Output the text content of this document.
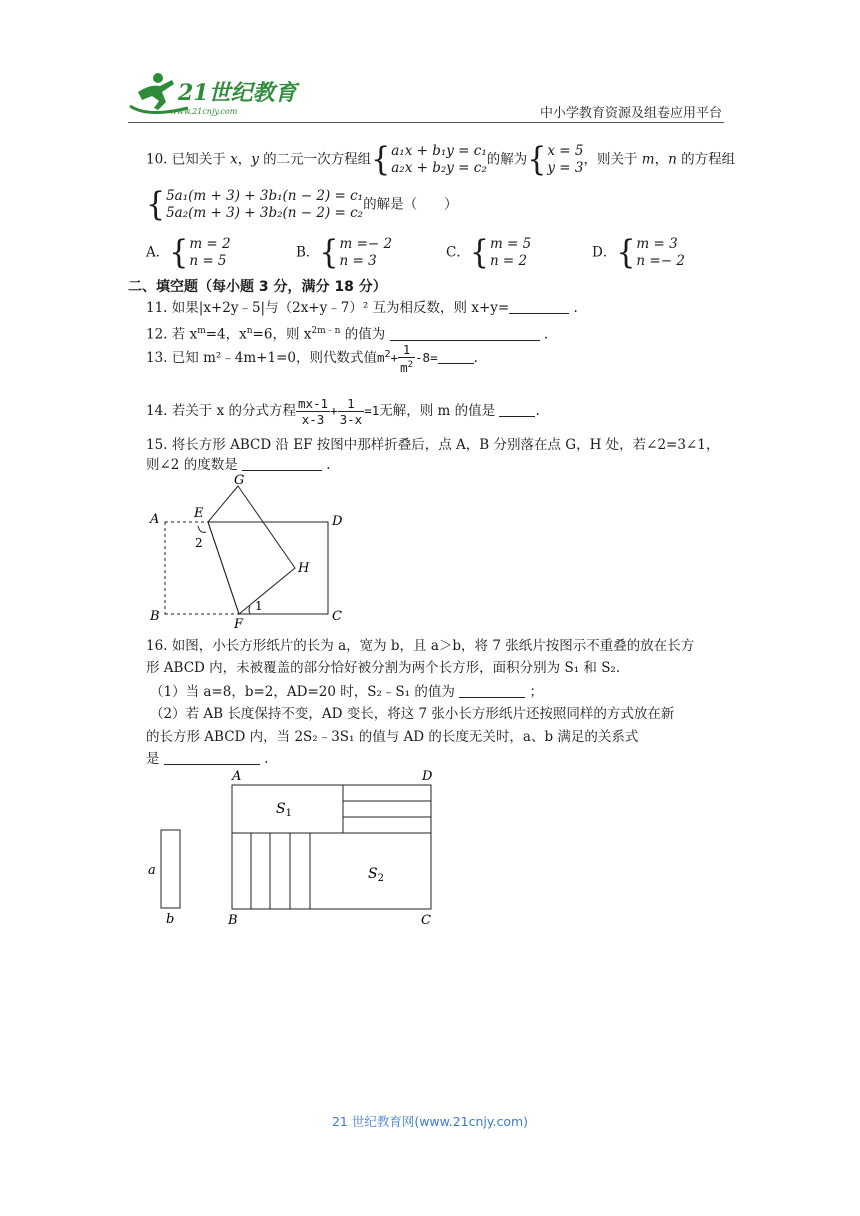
21世纪教育
www.21cnjy.com	中小学教育资源及组卷应用平台
10. 已知关于 x，y 的二元一次方程组{a₁x + b₁y = c₁
a₂x + b₂y = c₂的解为{x = 5
y = 3，则关于 m，n 的方程组
{5a₁(m + 3) + 3b₁(n − 2) = c₁
5a₂(m + 3) + 3b₂(n − 2) = c₂的解是（　　）
A．{m = 2
n = 5
B．{m =− 2
n = 3
C．{m = 5
n = 2
D．{m = 3
n =− 2
二、填空题（每小题 3 分，满分 18 分）
11. 如果|x+2y﹣5|与（2x+y﹣7）² 互为相反数，则 x+y=	.
12. 若 $x^m=4$，$x^n=6$，则 $x^{2m﹣n}$ 的值为	.
13. 已知 m²﹣4m+1=0，则代数式值$m^2+ \frac{1}{m^2} -8=$	.
14. 若关于 x 的分式方程 $\frac{mx-1}{x-3} + \frac{1}{3-x} =1$无解，则 m 的值是	.
15. 将长方形 ABCD 沿 EF 按图中那样折叠后，点 A，B 分别落在点 G，H 处，若∠2=3∠1，
则∠2 的度数是	.
A
B	C
D
E
F
G
H
1
2
16. 如图，小长方形纸片的长为 a，宽为 b，且 a＞b，将 7 张纸片按图示不重叠的放在长方
形 ABCD 内，未被覆盖的部分恰好被分割为两个长方形，面积分别为 S₁ 和 S₂.
（1）当 a=8，b=2，AD=20 时，S₂﹣S₁ 的值为	；
（2）若 AB 长度保持不变，AD 变长，将这 7 张小长方形纸片还按照同样的方式放在新
的长方形 ABCD 内，当 2S₂﹣3S₁ 的值与 AD 的长度无关时，a、b 满足的关系式
是	.
a
b
A	D
B	C
$S_1$
$S_2$
21 世纪教育网(www.21cnjy.com)
